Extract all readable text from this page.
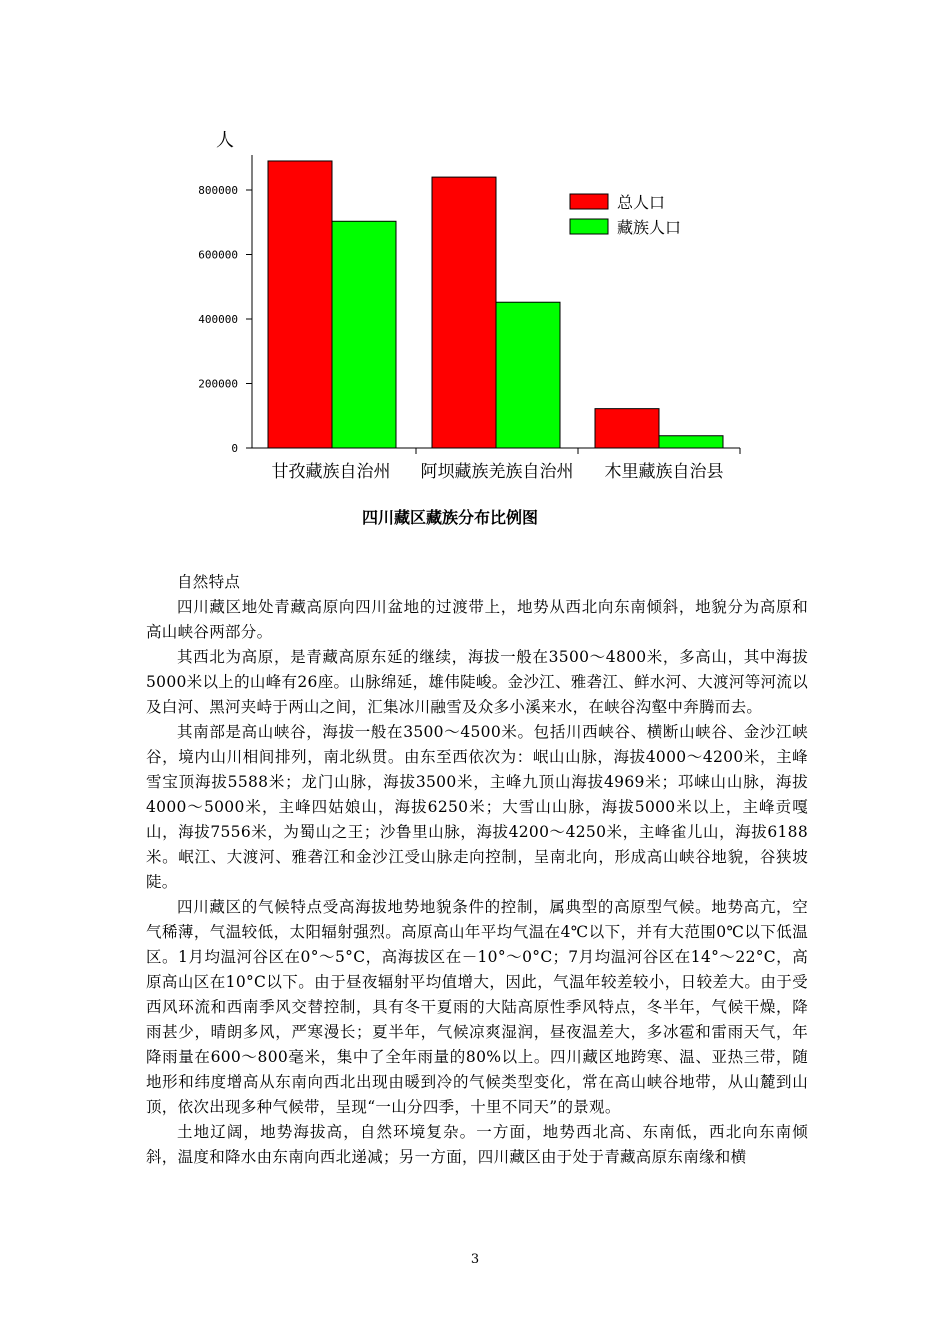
人
0
200000
400000
600000
800000
甘孜藏族自治州 阿坝藏族羌族自治州 木里藏族自治县
总人口
藏族人口
四川藏区藏族分布比例图

自然特点

四川藏区地处青藏高原向四川盆地的过渡带上，地势从西北向东南倾斜，地貌分为高原和高山峡谷两部分。

其西北为高原，是青藏高原东延的继续，海拔一般在3500～4800米，多高山，其中海拔5000米以上的山峰有26座。山脉绵延，雄伟陡峻。金沙江、雅砻江、鲜水河、大渡河等河流以及白河、黑河夹峙于两山之间，汇集冰川融雪及众多小溪来水，在峡谷沟壑中奔腾而去。

其南部是高山峡谷，海拔一般在3500～4500米。包括川西峡谷、横断山峡谷、金沙江峡谷，境内山川相间排列，南北纵贯。由东至西依次为：岷山山脉，海拔4000～4200米，主峰雪宝顶海拔5588米；龙门山脉，海拔3500米，主峰九顶山海拔4969米；邛崃山山脉，海拔4000～5000米，主峰四姑娘山，海拔6250米；大雪山山脉，海拔5000米以上，主峰贡嘎山，海拔7556米，为蜀山之王；沙鲁里山脉，海拔4200～4250米，主峰雀儿山，海拔6188米。岷江、大渡河、雅砻江和金沙江受山脉走向控制，呈南北向，形成高山峡谷地貌，谷狭坡陡。

四川藏区的气候特点受高海拔地势地貌条件的控制，属典型的高原型气候。地势高亢，空气稀薄，气温较低，太阳辐射强烈。高原高山年平均气温在4℃以下，并有大范围0℃以下低温区。1月均温河谷区在0°～5°C，高海拔区在－10°～0°C；7月均温河谷区在14°～22°C，高原高山区在10°C以下。由于昼夜辐射平均值增大，因此，气温年较差较小，日较差大。由于受西风环流和西南季风交替控制，具有冬干夏雨的大陆高原性季风特点，冬半年，气候干燥，降雨甚少，晴朗多风，严寒漫长；夏半年，气候凉爽湿润，昼夜温差大，多冰雹和雷雨天气，年降雨量在600～800毫米，集中了全年雨量的80%以上。四川藏区地跨寒、温、亚热三带，随地形和纬度增高从东南向西北出现由暖到冷的气候类型变化，常在高山峡谷地带，从山麓到山顶，依次出现多种气候带，呈现“一山分四季，十里不同天”的景观。

土地辽阔，地势海拔高，自然环境复杂。一方面，地势西北高、东南低，西北向东南倾斜，温度和降水由东南向西北递减；另一方面，四川藏区由于处于青藏高原东南缘和横

3
